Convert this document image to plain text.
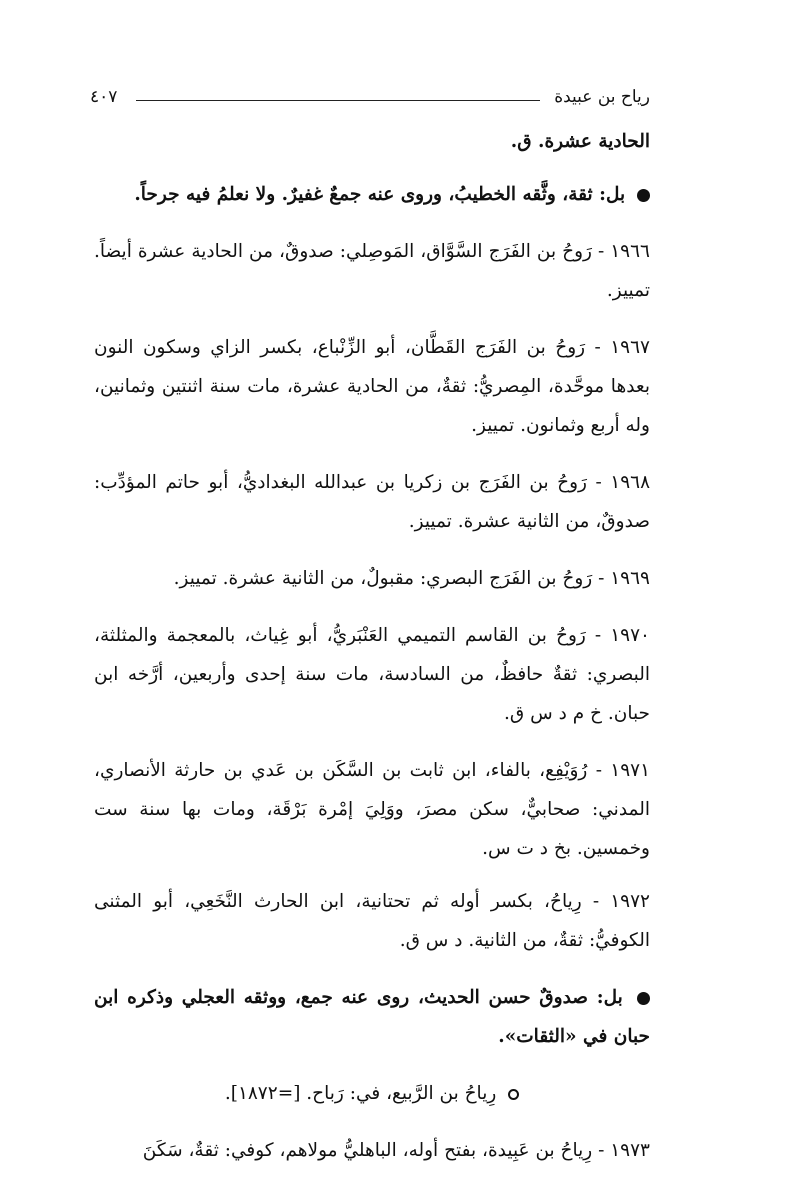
رياح بن عبيدة
٤٠٧

الحادية عشرة. ق.

بل: ثقة، وثَّقه الخطيبُ، وروى عنه جمعٌ غفيرٌ. ولا نعلمُ فيه جرحاً.

١٩٦٦ - رَوحُ بن الفَرَج السَّوَّاق، المَوصِلي: صدوقٌ، من الحادية عشرة أيضاً. تمييز.

١٩٦٧ - رَوحُ بن الفَرَج القَطَّان، أبو الزِّنْباع، بكسر الزاي وسكون النون بعدها موحَّدة، المِصريُّ: ثقةٌ، من الحادية عشرة، مات سنة اثنتين وثمانين، وله أربع وثمانون. تمييز.

١٩٦٨ - رَوحُ بن الفَرَج بن زكريا بن عبدالله البغداديُّ، أبو حاتم المؤدِّب: صدوقٌ، من الثانية عشرة. تمييز.

١٩٦٩ - رَوحُ بن الفَرَج البصري: مقبولٌ، من الثانية عشرة. تمييز.

١٩٧٠ - رَوحُ بن القاسم التميمي العَنْبَريُّ، أبو غِياث، بالمعجمة والمثلثة، البصري: ثقةٌ حافظٌ، من السادسة، مات سنة إحدى وأربعين، أرَّخه ابن حبان. خ م د س ق.

١٩٧١ - رُوَيْفِع، بالفاء، ابن ثابت بن السَّكَن بن عَدي بن حارثة الأنصاري، المدني: صحابيٌّ، سكن مصرَ، ووَلِيَ إمْرة بَرْقَة، ومات بها سنة ست وخمسين. بخ د ت س.

١٩٧٢ - رِياحُ، بكسر أوله ثم تحتانية، ابن الحارث النَّخَعِي، أبو المثنى الكوفيُّ: ثقةٌ، من الثانية. د س ق.

بل: صدوقٌ حسن الحديث، روى عنه جمع، ووثقه العجلي وذكره ابن حبان في «الثقات».

رِياحُ بن الرَّبيع، في: رَباح. [=١٨٧٢].

١٩٧٣ - رِياحُ بن عَبِيدة، بفتح أوله، الباهليُّ مولاهم، كوفي: ثقةٌ، سَكَنَ
